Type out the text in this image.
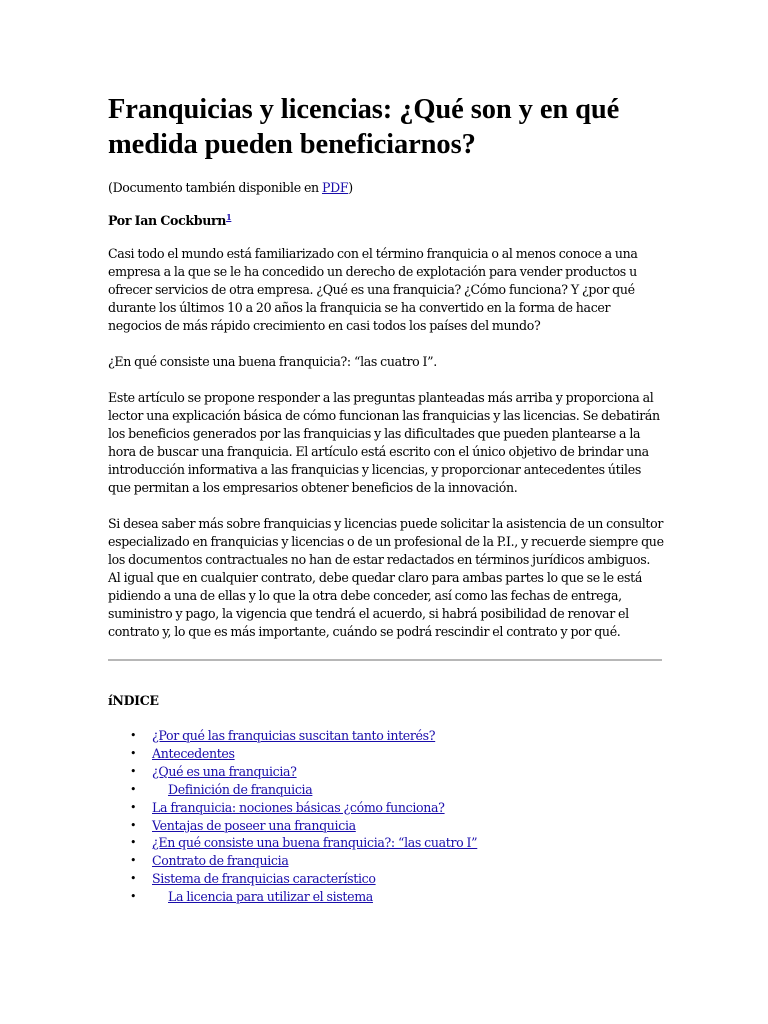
Franquicias y licencias: ¿Qué son y en qué medida pueden beneficiarnos?

(Documento también disponible en PDF)

Por Ian Cockburn$^1$

Casi todo el mundo está familiarizado con el término franquicia o al menos conoce a una empresa a la que se le ha concedido un derecho de explotación para vender productos u ofrecer servicios de otra empresa. ¿Qué es una franquicia? ¿Cómo funciona? Y ¿por qué durante los últimos 10 a 20 años la franquicia se ha convertido en la forma de hacer negocios de más rápido crecimiento en casi todos los países del mundo?

¿En qué consiste una buena franquicia?: “las cuatro I”.

Este artículo se propone responder a las preguntas planteadas más arriba y proporciona al lector una explicación básica de cómo funcionan las franquicias y las licencias. Se debatirán los beneficios generados por las franquicias y las dificultades que pueden plantearse a la hora de buscar una franquicia. El artículo está escrito con el único objetivo de brindar una introducción informativa a las franquicias y licencias, y proporcionar antecedentes útiles que permitan a los empresarios obtener beneficios de la innovación.

Si desea saber más sobre franquicias y licencias puede solicitar la asistencia de un consultor especializado en franquicias y licencias o de un profesional de la P.I., y recuerde siempre que los documentos contractuales no han de estar redactados en términos jurídicos ambiguos. Al igual que en cualquier contrato, debe quedar claro para ambas partes lo que se le está pidiendo a una de ellas y lo que la otra debe conceder, así como las fechas de entrega, suministro y pago, la vigencia que tendrá el acuerdo, si habrá posibilidad de renovar el contrato y, lo que es más importante, cuándo se podrá rescindir el contrato y por qué.

íNDICE
• ¿Por qué las franquicias suscitan tanto interés?
• Antecedentes
• ¿Qué es una franquicia?
•	Definición de franquicia
• La franquicia: nociones básicas ¿cómo funciona?
• Ventajas de poseer una franquicia
• ¿En qué consiste una buena franquicia?: “las cuatro I”
• Contrato de franquicia
• Sistema de franquicias característico
•	La licencia para utilizar el sistema
